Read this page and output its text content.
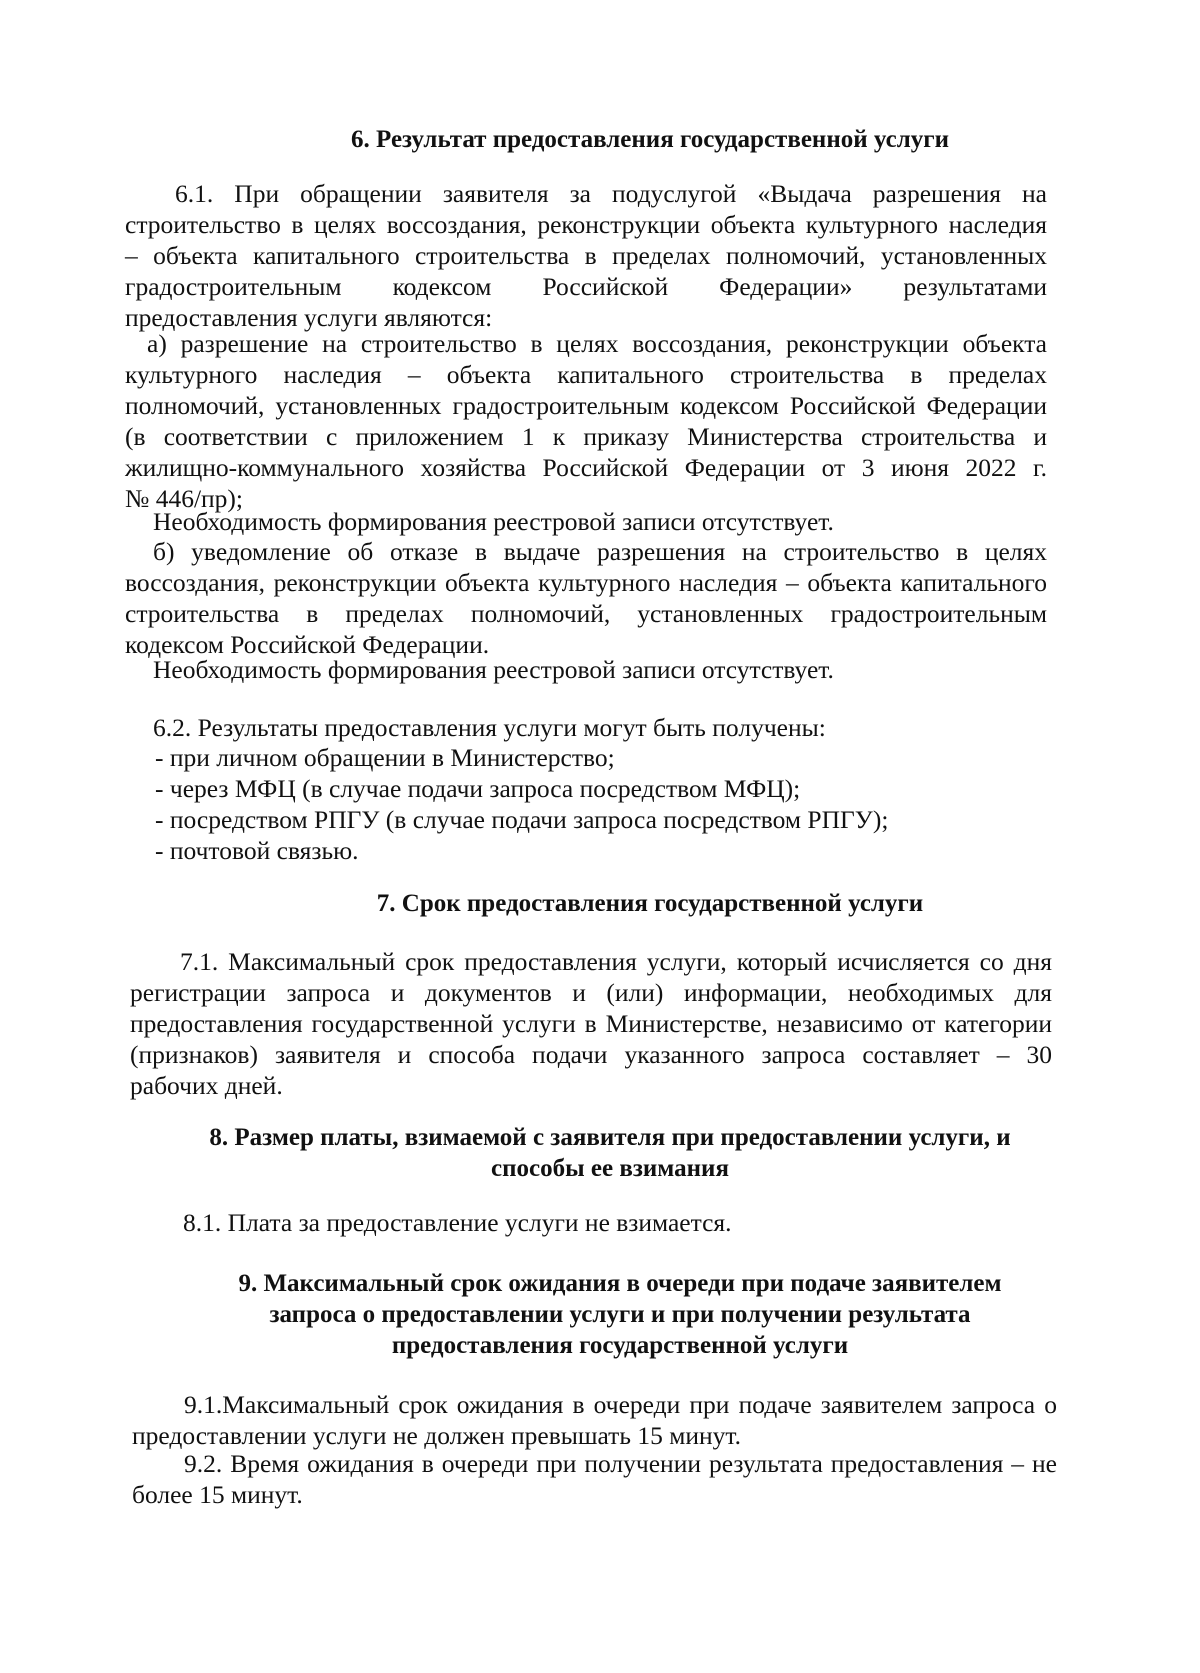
6. Результат предоставления государственной услуги
6.1. При обращении заявителя за подуслугой «Выдача разрешения на
строительство в целях воссоздания, реконструкции объекта культурного наследия
– объекта капитального строительства в пределах полномочий, установленных
градостроительным кодексом Российской Федерации» результатами
предоставления услуги являются:
а) разрешение на строительство в целях воссоздания, реконструкции объекта
культурного наследия – объекта капитального строительства в пределах
полномочий, установленных градостроительным кодексом Российской Федерации
(в соответствии с приложением 1 к приказу Министерства строительства и
жилищно-коммунального хозяйства Российской Федерации от 3 июня 2022 г.
№ 446/пр);
Необходимость формирования реестровой записи отсутствует.
б) уведомление об отказе в выдаче разрешения на строительство в целях
воссоздания, реконструкции объекта культурного наследия – объекта капитального
строительства в пределах полномочий, установленных градостроительным
кодексом Российской Федерации.
Необходимость формирования реестровой записи отсутствует.
6.2. Результаты предоставления услуги могут быть получены:
- при личном обращении в Министерство;
- через МФЦ (в случае подачи запроса посредством МФЦ);
- посредством РПГУ (в случае подачи запроса посредством РПГУ);
- почтовой связью.
7. Срок предоставления государственной услуги
7.1. Максимальный срок предоставления услуги, который исчисляется со дня
регистрации запроса и документов и (или) информации, необходимых для
предоставления государственной услуги в Министерстве, независимо от категории
(признаков) заявителя и способа подачи указанного запроса составляет – 30
рабочих дней.
8. Размер платы, взимаемой с заявителя при предоставлении услуги, и
способы ее взимания
8.1. Плата за предоставление услуги не взимается.
9. Максимальный срок ожидания в очереди при подаче заявителем
запроса о предоставлении услуги и при получении результата
предоставления государственной услуги
9.1.Максимальный срок ожидания в очереди при подаче заявителем запроса о
предоставлении услуги не должен превышать 15 минут.
9.2. Время ожидания в очереди при получении результата предоставления – не
более 15 минут.
